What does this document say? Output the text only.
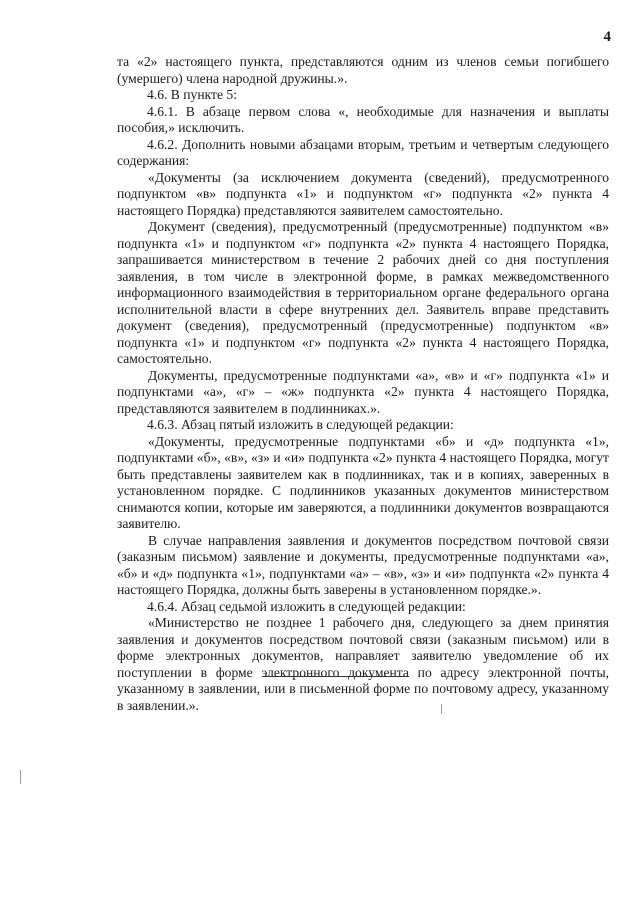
4

та «2» настоящего пункта, представляются одним из членов семьи погибшего (умершего) члена народной дружины.».

4.6. В пункте 5:

4.6.1. В абзаце первом слова «, необходимые для назначения и выплаты пособия,» исключить.

4.6.2. Дополнить новыми абзацами вторым, третьим и четвертым следующего содержания:

«Документы (за исключением документа (сведений), предусмотренного подпунктом «в» подпункта «1» и подпунктом «г» подпункта «2» пункта 4 настоящего Порядка) представляются заявителем самостоятельно.

Документ (сведения), предусмотренный (предусмотренные) подпунктом «в» подпункта «1» и подпунктом «г» подпункта «2» пункта 4 настоящего Порядка, запрашивается министерством в течение 2 рабочих дней со дня поступления заявления, в том числе в электронной форме, в рамках межведомственного информационного взаимодействия в территориальном органе федерального органа исполнительной власти в сфере внутренних дел. Заявитель вправе представить документ (сведения), предусмотренный (предусмотренные) подпунктом «в» подпункта «1» и подпунктом «г» подпункта «2» пункта 4 настоящего Порядка, самостоятельно.

Документы, предусмотренные подпунктами «а», «в» и «г» подпункта «1» и подпунктами «а», «г» – «ж» подпункта «2» пункта 4 настоящего Порядка, представляются заявителем в подлинниках.».

4.6.3. Абзац пятый изложить в следующей редакции:

«Документы, предусмотренные подпунктами «б» и «д» подпункта «1», подпунктами «б», «в», «з» и «и» подпункта «2» пункта 4 настоящего Порядка, могут быть представлены заявителем как в подлинниках, так и в копиях, заверенных в установленном порядке. С подлинников указанных документов министерством снимаются копии, которые им заверяются, а подлинники документов возвращаются заявителю.

В случае направления заявления и документов посредством почтовой связи (заказным письмом) заявление и документы, предусмотренные подпунктами «а», «б» и «д» подпункта «1», подпунктами «а» – «в», «з» и «и» подпункта «2» пункта 4 настоящего Порядка, должны быть заверены в установленном порядке.».

4.6.4. Абзац седьмой изложить в следующей редакции:

«Министерство не позднее 1 рабочего дня, следующего за днем принятия заявления и документов посредством почтовой связи (заказным письмом) или в форме электронных документов, направляет заявителю уведомление об их поступлении в форме электронного документа по адресу электронной почты, указанному в заявлении, или в письменной форме по почтовому адресу, указанному в заявлении.».
